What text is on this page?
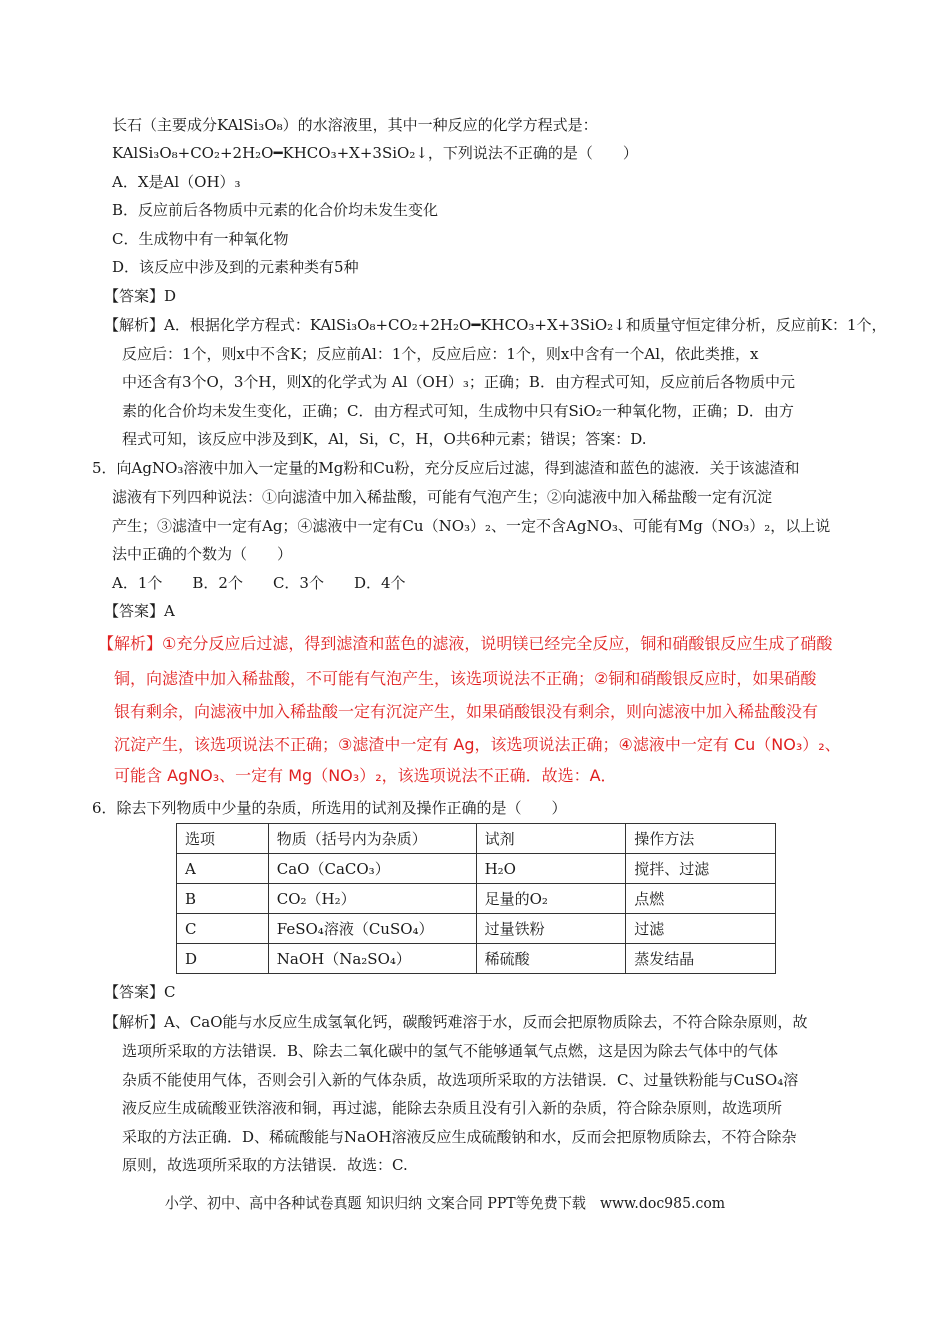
长石（主要成分KAlSi₃O₈）的水溶液里，其中一种反应的化学方程式是：
KAlSi₃O₈+CO₂+2H₂O━KHCO₃+X+3SiO₂↓，下列说法不正确的是（　　）
A．X是Al（OH）₃
B．反应前后各物质中元素的化合价均未发生变化
C．生成物中有一种氧化物
D．该反应中涉及到的元素种类有5种
【答案】D
【解析】A．根据化学方程式：KAlSi₃O₈+CO₂+2H₂O━KHCO₃+X+3SiO₂↓和质量守恒定律分析，反应前K：1个，
反应后：1个，则x中不含K；反应前Al：1个，反应后应：1个，则x中含有一个Al，依此类推，x
中还含有3个O，3个H，则X的化学式为 Al（OH）₃；正确；B．由方程式可知，反应前后各物质中元
素的化合价均未发生变化，正确；C．由方程式可知，生成物中只有SiO₂一种氧化物，正确；D．由方
程式可知，该反应中涉及到K，Al，Si，C，H，O共6种元素；错误；答案：D.
5．向AgNO₃溶液中加入一定量的Mg粉和Cu粉，充分反应后过滤，得到滤渣和蓝色的滤液．关于该滤渣和
滤液有下列四种说法：①向滤渣中加入稀盐酸，可能有气泡产生；②向滤液中加入稀盐酸一定有沉淀
产生；③滤渣中一定有Ag；④滤液中一定有Cu（NO₃）₂、一定不含AgNO₃、可能有Mg（NO₃）₂，以上说
法中正确的个数为（　　）
A．1个　　B．2个　　C．3个　　D．4个
【答案】A
【解析】①充分反应后过滤，得到滤渣和蓝色的滤液，说明镁已经完全反应，铜和硝酸银反应生成了硝酸
铜，向滤渣中加入稀盐酸，不可能有气泡产生，该选项说法不正确；②铜和硝酸银反应时，如果硝酸
银有剩余，向滤液中加入稀盐酸一定有沉淀产生，如果硝酸银没有剩余，则向滤液中加入稀盐酸没有
沉淀产生，该选项说法不正确；③滤渣中一定有 Ag，该选项说法正确；④滤液中一定有 Cu（NO₃）₂、
可能含 AgNO₃、一定有 Mg（NO₃）₂，该选项说法不正确．故选：A．
6．除去下列物质中少量的杂质，所选用的试剂及操作正确的是（　　）
选项	物质（括号内为杂质）	试剂	操作方法
A	CaO（CaCO₃）	H₂O	搅拌、过滤
B	CO₂（H₂）	足量的O₂	点燃
C	FeSO₄溶液（CuSO₄）	过量铁粉	过滤
D	NaOH（Na₂SO₄）	稀硫酸	蒸发结晶
【答案】C
【解析】A、CaO能与水反应生成氢氧化钙，碳酸钙难溶于水，反而会把原物质除去，不符合除杂原则，故
选项所采取的方法错误．B、除去二氧化碳中的氢气不能够通氧气点燃，这是因为除去气体中的气体
杂质不能使用气体，否则会引入新的气体杂质，故选项所采取的方法错误．C、过量铁粉能与CuSO₄溶
液反应生成硫酸亚铁溶液和铜，再过滤，能除去杂质且没有引入新的杂质，符合除杂原则，故选项所
采取的方法正确．D、稀硫酸能与NaOH溶液反应生成硫酸钠和水，反而会把原物质除去，不符合除杂
原则，故选项所采取的方法错误．故选：C.
小学、初中、高中各种试卷真题 知识归纳 文案合同 PPT等免费下载　www.doc985.com
